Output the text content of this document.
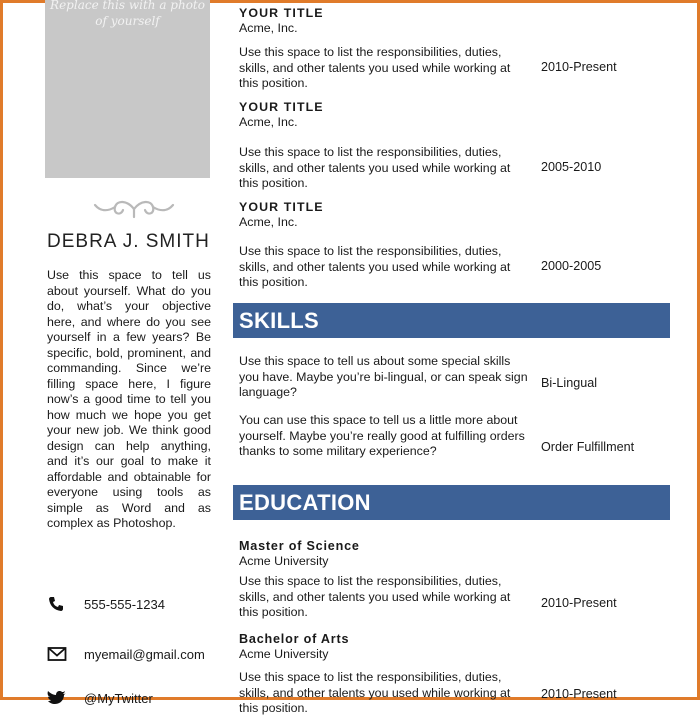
Replace this with a photo of yourself
DEBRA J. SMITH
Use this space to tell us about yourself. What do you do, what’s your objective here, and where do you see yourself in a few years? Be specific, bold, prominent, and commanding. Since we’re filling space here, I figure now’s a good time to tell you how much we hope you get your new job. We think good design can help anything, and it’s our goal to make it affordable and obtainable for everyone using tools as simple as Word and as complex as Photoshop.
555-555-1234
myemail@gmail.com
@MyTwitter
YOUR TITLE
Acme, Inc.
Use this space to list the responsibilities, duties, skills, and other talents you used while working at this position.
2010-Present
YOUR TITLE
Acme, Inc.
Use this space to list the responsibilities, duties, skills, and other talents you used while working at this position.
2005-2010
YOUR TITLE
Acme, Inc.
Use this space to list the responsibilities, duties, skills, and other talents you used while working at this position.
2000-2005
SKILLS
Use this space to tell us about some special skills you have. Maybe you’re bi-lingual, or can speak sign language?
Bi-Lingual
You can use this space to tell us a little more about yourself. Maybe you’re really good at fulfilling orders thanks to some military experience?	Order Fulfillment
EDUCATION
Master of Science
Acme University
Use this space to list the responsibilities, duties, skills, and other talents you used while working at this position.
2010-Present
Bachelor of Arts
Acme University
Use this space to list the responsibilities, duties, skills, and other talents you used while working at this position.
2010-Present
